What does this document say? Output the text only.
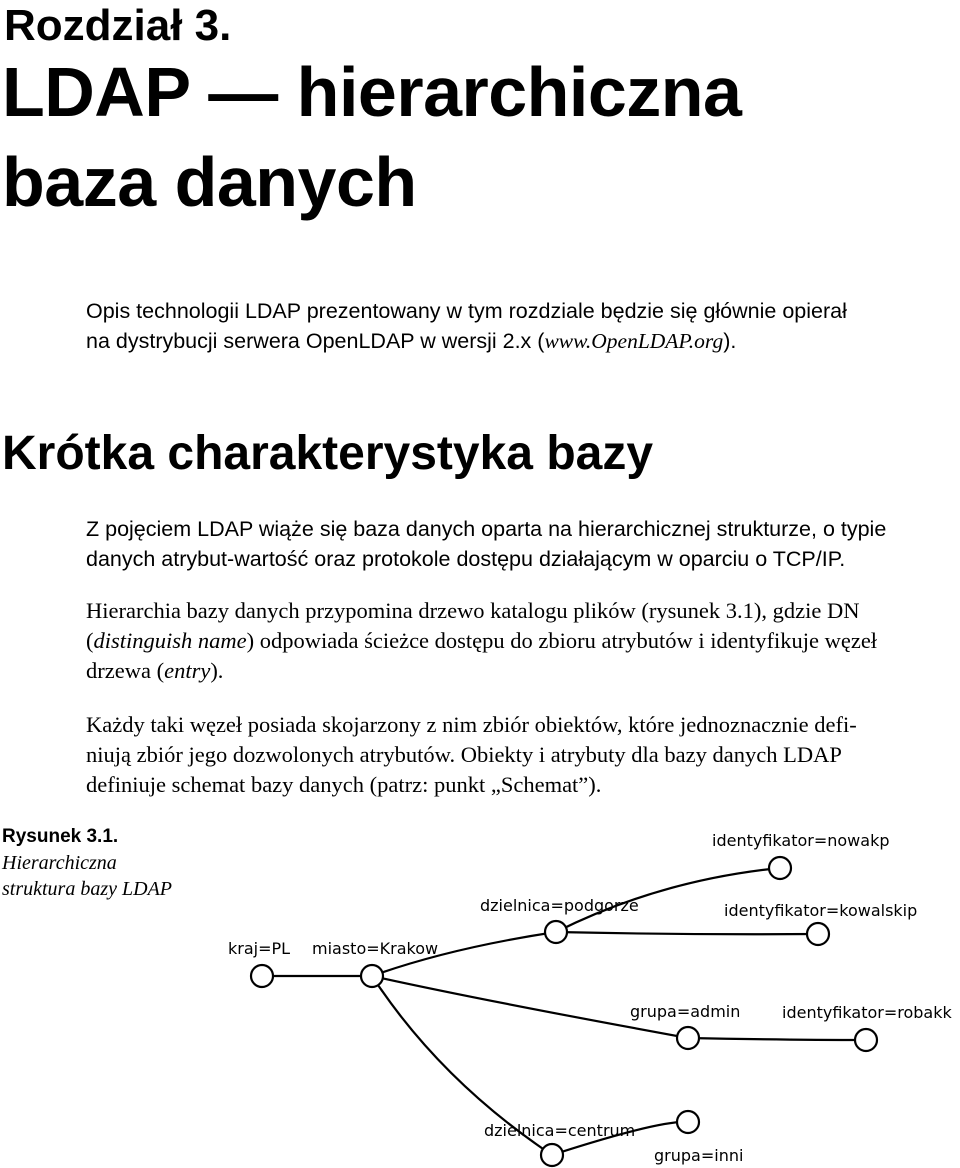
Rozdział 3.
LDAP — hierarchiczna
baza danych

Opis technologii LDAP prezentowany w tym rozdziale będzie się głównie opierał

na dystrybucji serwera OpenLDAP w wersji 2.x (www.OpenLDAP.org).

Krótka charakterystyka bazy

Z pojęciem LDAP wiąże się baza danych oparta na hierarchicznej strukturze, o typie

danych atrybut-wartość oraz protokole dostępu działającym w oparciu o TCP/IP.

Hierarchia bazy danych przypomina drzewo katalogu plików (rysunek 3.1), gdzie DN

(distinguish name) odpowiada ścieżce dostępu do zbioru atrybutów i identyfikuje węzeł

drzewa (entry).

Każdy taki węzeł posiada skojarzony z nim zbiór obiektów, które jednoznacznie defi-

niują zbiór jego dozwolonych atrybutów. Obiekty i atrybuty dla bazy danych LDAP

definiuje schemat bazy danych (patrz: punkt „Schemat”).

Rysunek 3.1.
Hierarchiczna
struktura bazy LDAP
kraj=PL miasto=Krakow
dzielnica=podgorze
identyfikator=nowakp
identyfikator=kowalskip
grupa=admin	identyfikator=robakk
dzielnica=centrum
grupa=inni
